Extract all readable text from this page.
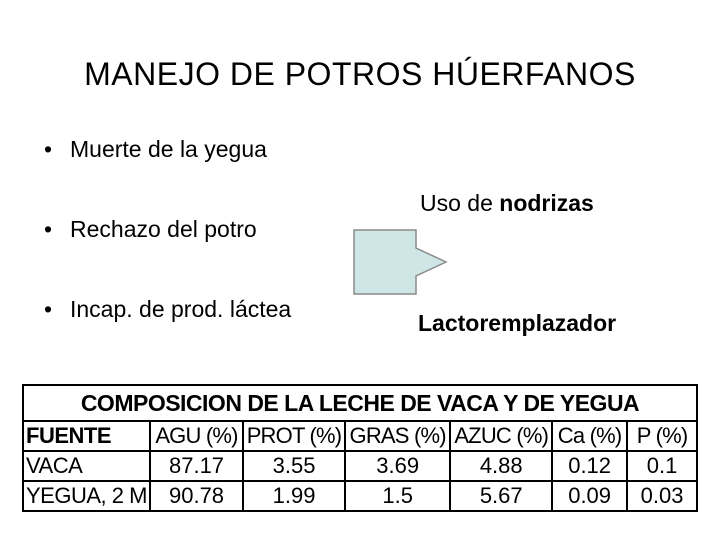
MANEJO DE POTROS HÚERFANOS
• Muerte de la yegua
• Rechazo del potro
• Incap. de prod. láctea
Uso de nodrizas
Lactoremplazador
COMPOSICION DE LA LECHE DE VACA Y DE YEGUA						
FUENTE	AGU (%)	PROT (%)	GRAS (%)	AZUC (%)	Ca (%)	P (%)
VACA	87.17	3.55	3.69	4.88	0.12	0.1
YEGUA, 2 M	90.78	1.99	1.5	5.67	0.09	0.03
